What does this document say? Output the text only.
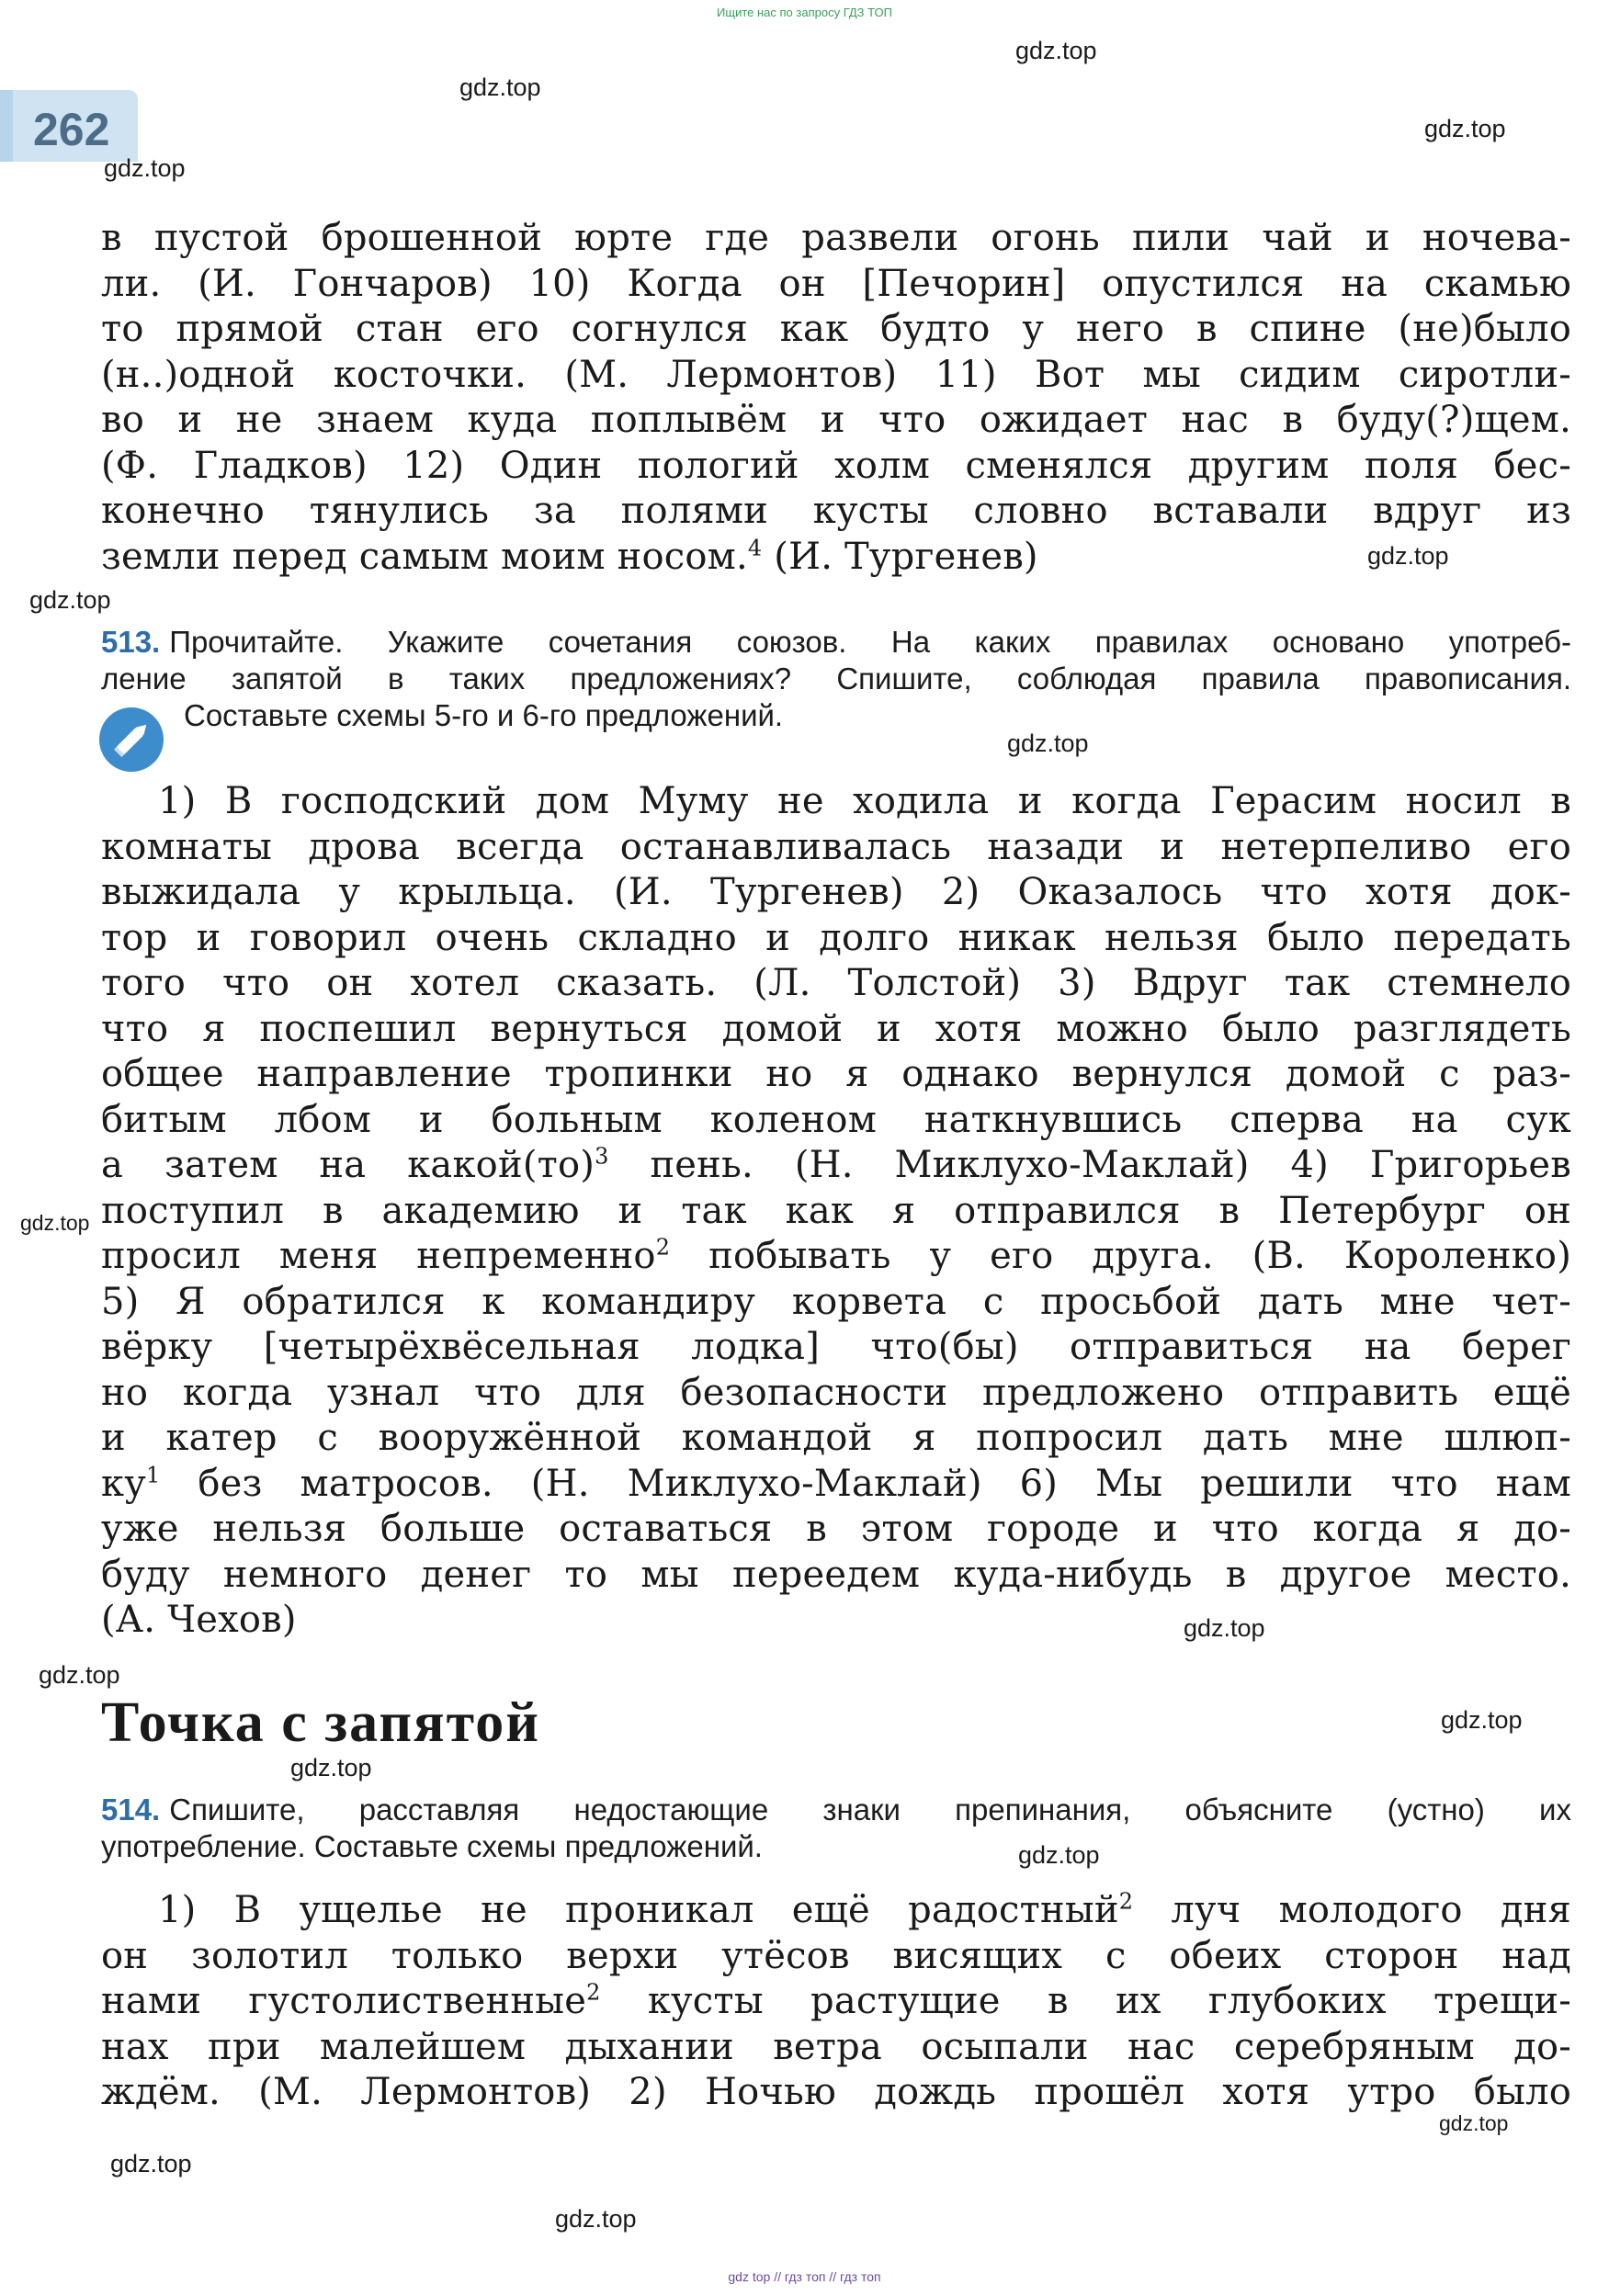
Ищите нас по запросу ГДЗ ТОП
262
gdz.top
gdz.top
gdz.top
gdz.top
gdz.top
gdz.top
gdz.top
gdz.top
gdz.top
gdz.top
gdz.top
gdz.top
gdz.top
gdz.top
gdz.top
gdz.top
в пустой брошенной юрте где развели огонь пили чай и ночева-
ли. (И. Гончаров) 10) Когда он [Печорин] опустился на скамью
то прямой стан его согнулся как будто у него в спине (не)было
(н..)одной косточки. (М. Лермонтов) 11) Вот мы сидим сиротли-
во и не знаем куда поплывём и что ожидает нас в буду(?)щем.
(Ф. Гладков) 12) Один пологий холм сменялся другим поля бес-
конечно тянулись за полями кусты словно вставали вдруг из
земли перед самым моим носом.$^4$ (И. Тургенев)
513. Прочитайте. Укажите сочетания союзов. На каких правилах основано употреб-
ление запятой в таких предложениях? Спишите, соблюдая правила правописания.
Составьте схемы 5-го и 6-го предложений.
1) В господский дом Муму не ходила и когда Герасим носил в
комнаты дрова всегда останавливалась назади и нетерпеливо его
выжидала у крыльца. (И. Тургенев) 2) Оказалось что хотя док-
тор и говорил очень складно и долго никак нельзя было передать
того что он хотел сказать. (Л. Толстой) 3) Вдруг так стемнело
что я поспешил вернуться домой и хотя можно было разглядеть
общее направление тропинки но я однако вернулся домой с раз-
битым лбом и больным коленом наткнувшись сперва на сук
а затем на какой(то)$^3$ пень. (Н. Миклухо-Маклай) 4) Григорьев
поступил в академию и так как я отправился в Петербург он
просил меня непременно$^2$ побывать у его друга. (В. Короленко)
5) Я обратился к командиру корвета с просьбой дать мне чет-
вёрку [четырёхвёсельная лодка] что(бы) отправиться на берег
но когда узнал что для безопасности предложено отправить ещё
и катер с вооружённой командой я попросил дать мне шлюп-
$ку^1$ без матросов. (Н. Миклухо-Маклай) 6) Мы решили что нам
уже нельзя больше оставаться в этом городе и что когда я до-
буду немного денег то мы переедем куда-нибудь в другое место.
(А. Чехов)
Точка с запятой
514. Спишите, расставляя недостающие знаки препинания, объясните (устно) их
употребление. Составьте схемы предложений.
1) В ущелье не проникал ещё радостный$^2$ луч молодого дня
он золотил только верхи утёсов висящих с обеих сторон над
нами густолиственные$^2$ кусты растущие в их глубоких трещи-
нах при малейшем дыхании ветра осыпали нас серебряным до-
ждём. (М. Лермонтов) 2) Ночью дождь прошёл хотя утро было
gdz top // гдз топ // гдз топ
